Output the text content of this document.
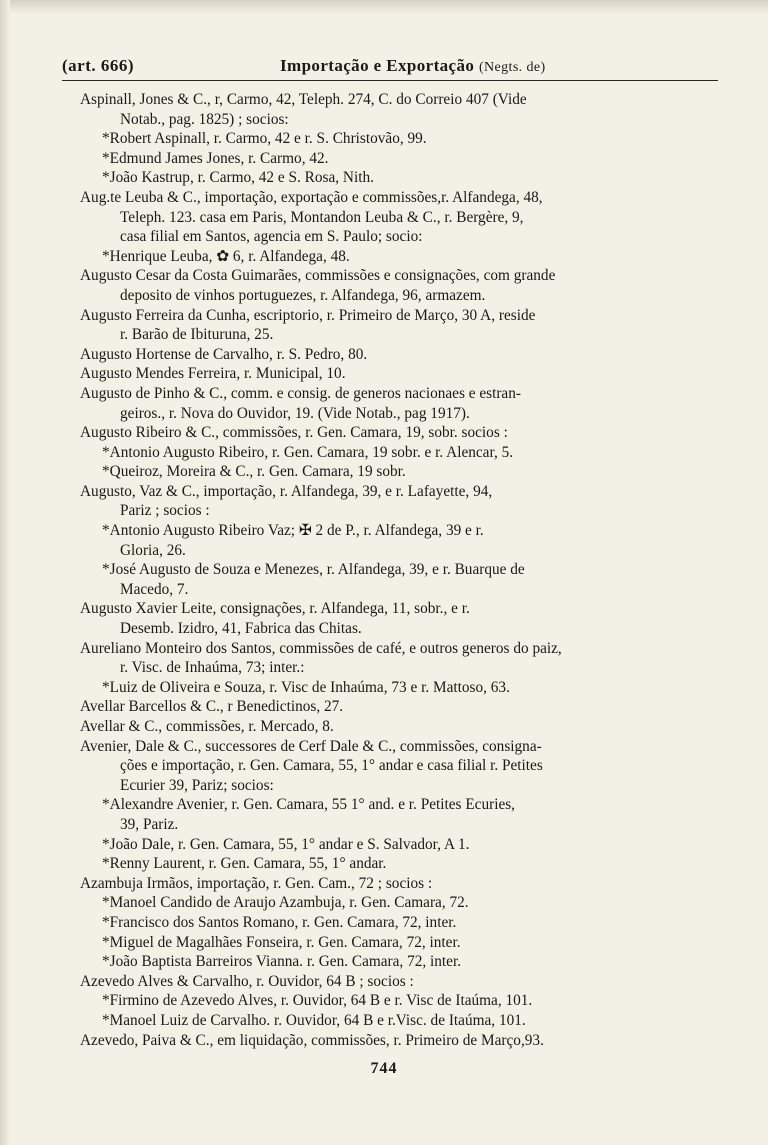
(art. 666)	Importação e Exportação (Negts. de)
Aspinall, Jones & C., r, Carmo, 42, Teleph. 274, C. do Correio 407 (Vide
Notab., pag. 1825) ; socios:
*Robert Aspinall, r. Carmo, 42 e r. S. Christovão, 99.
*Edmund James Jones, r. Carmo, 42.
*João Kastrup, r. Carmo, 42 e S. Rosa, Nith.
Aug.te Leuba & C., importação, exportação e commissões,r. Alfandega, 48,
Teleph. 123. casa em Paris, Montandon Leuba & C., r. Bergère, 9,
casa filial em Santos, agencia em S. Paulo; socio:
*Henrique Leuba, ✿ 6, r. Alfandega, 48.
Augusto Cesar da Costa Guimarães, commissões e consignações, com grande
deposito de vinhos portuguezes, r. Alfandega, 96, armazem.
Augusto Ferreira da Cunha, escriptorio, r. Primeiro de Março, 30 A, reside
r. Barão de Ibituruna, 25.
Augusto Hortense de Carvalho, r. S. Pedro, 80.
Augusto Mendes Ferreira, r. Municipal, 10.
Augusto de Pinho & C., comm. e consig. de generos nacionaes e estran-
geiros., r. Nova do Ouvidor, 19. (Vide Notab., pag 1917).
Augusto Ribeiro & C., commissões, r. Gen. Camara, 19, sobr. socios :
*Antonio Augusto Ribeiro, r. Gen. Camara, 19 sobr. e r. Alencar, 5.
*Queiroz, Moreira & C., r. Gen. Camara, 19 sobr.
Augusto, Vaz & C., importação, r. Alfandega, 39, e r. Lafayette, 94,
Pariz ; socios :
*Antonio Augusto Ribeiro Vaz; ✠ 2 de P., r. Alfandega, 39 e r.
Gloria, 26.
*José Augusto de Souza e Menezes, r. Alfandega, 39, e r. Buarque de
Macedo, 7.
Augusto Xavier Leite, consignações, r. Alfandega, 11, sobr., e r.
Desemb. Izidro, 41, Fabrica das Chitas.
Aureliano Monteiro dos Santos, commissões de café, e outros generos do paiz,
r. Visc. de Inhaúma, 73; inter.:
*Luiz de Oliveira e Souza, r. Visc de Inhaúma, 73 e r. Mattoso, 63.
Avellar Barcellos & C., r Benedictinos, 27.
Avellar & C., commissões, r. Mercado, 8.
Avenier, Dale & C., successores de Cerf Dale & C., commissões, consigna-
ções e importação, r. Gen. Camara, 55, 1° andar e casa filial r. Petites
Ecurier 39, Pariz; socios:
*Alexandre Avenier, r. Gen. Camara, 55 1° and. e r. Petites Ecuries,
39, Pariz.
*João Dale, r. Gen. Camara, 55, 1° andar e S. Salvador, A 1.
*Renny Laurent, r. Gen. Camara, 55, 1° andar.
Azambuja Irmãos, importação, r. Gen. Cam., 72 ; socios :
*Manoel Candido de Araujo Azambuja, r. Gen. Camara, 72.
*Francisco dos Santos Romano, r. Gen. Camara, 72, inter.
*Miguel de Magalhães Fonseira, r. Gen. Camara, 72, inter.
*João Baptista Barreiros Vianna. r. Gen. Camara, 72, inter.
Azevedo Alves & Carvalho, r. Ouvidor, 64 B ; socios :
*Firmino de Azevedo Alves, r. Ouvidor, 64 B e r. Visc de Itaúma, 101.
*Manoel Luiz de Carvalho. r. Ouvidor, 64 B e r.Visc. de Itaúma, 101.
Azevedo, Paiva & C., em liquidação, commissões, r. Primeiro de Março,93.
744
